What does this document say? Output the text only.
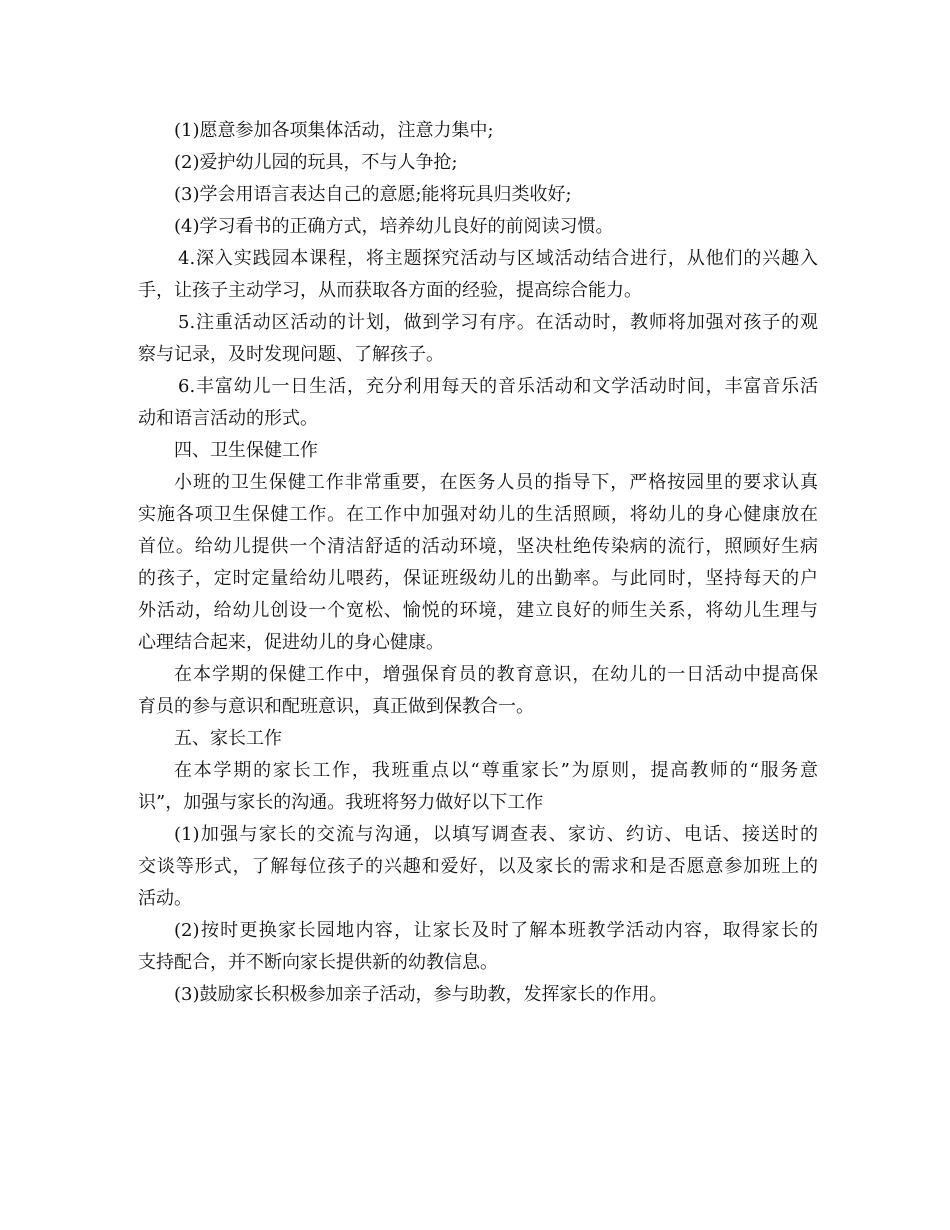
(1)愿意参加各项集体活动，注意力集中;
(2)爱护幼儿园的玩具，不与人争抢;
(3)学会用语言表达自己的意愿;能将玩具归类收好;
(4)学习看书的正确方式，培养幼儿良好的前阅读习惯。
4.深入实践园本课程，将主题探究活动与区域活动结合进行，从他们的兴趣入
手，让孩子主动学习，从而获取各方面的经验，提高综合能力。
5.注重活动区活动的计划，做到学习有序。在活动时，教师将加强对孩子的观
察与记录，及时发现问题、了解孩子。
6.丰富幼儿一日生活，充分利用每天的音乐活动和文学活动时间，丰富音乐活
动和语言活动的形式。
四、卫生保健工作
小班的卫生保健工作非常重要，在医务人员的指导下，严格按园里的要求认真
实施各项卫生保健工作。在工作中加强对幼儿的生活照顾，将幼儿的身心健康放在
首位。给幼儿提供一个清洁舒适的活动环境，坚决杜绝传染病的流行，照顾好生病
的孩子，定时定量给幼儿喂药，保证班级幼儿的出勤率。与此同时，坚持每天的户
外活动，给幼儿创设一个宽松、愉悦的环境，建立良好的师生关系，将幼儿生理与
心理结合起来，促进幼儿的身心健康。
在本学期的保健工作中，增强保育员的教育意识，在幼儿的一日活动中提高保
育员的参与意识和配班意识，真正做到保教合一。
五、家长工作
在本学期的家长工作，我班重点以“尊重家长”为原则，提高教师的“服务意
识”，加强与家长的沟通。我班将努力做好以下工作
(1)加强与家长的交流与沟通，以填写调查表、家访、约访、电话、接送时的
交谈等形式，了解每位孩子的兴趣和爱好，以及家长的需求和是否愿意参加班上的
活动。
(2)按时更换家长园地内容，让家长及时了解本班教学活动内容，取得家长的
支持配合，并不断向家长提供新的幼教信息。
(3)鼓励家长积极参加亲子活动，参与助教，发挥家长的作用。
